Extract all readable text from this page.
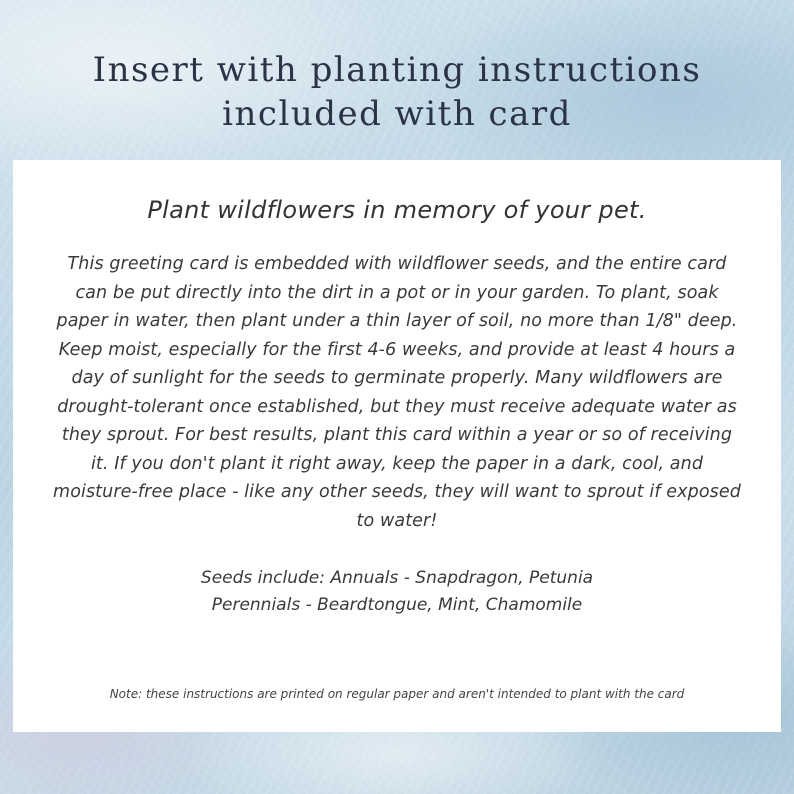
Insert with planting instructions
included with card

Plant wildflowers in memory of your pet.

This greeting card is embedded with wildflower seeds, and the entire card can be put directly into the dirt in a pot or in your garden. To plant, soak paper in water, then plant under a thin layer of soil, no more than 1/8" deep. Keep moist, especially for the first 4-6 weeks, and provide at least 4 hours a day of sunlight for the seeds to germinate properly. Many wildflowers are drought-tolerant once established, but they must receive adequate water as they sprout. For best results, plant this card within a year or so of receiving it. If you don't plant it right away, keep the paper in a dark, cool, and moisture-free place - like any other seeds, they will want to sprout if exposed to water!

Seeds include: Annuals - Snapdragon, Petunia
Perennials - Beardtongue, Mint, Chamomile
Note: these instructions are printed on regular paper and aren't intended to plant with the card
